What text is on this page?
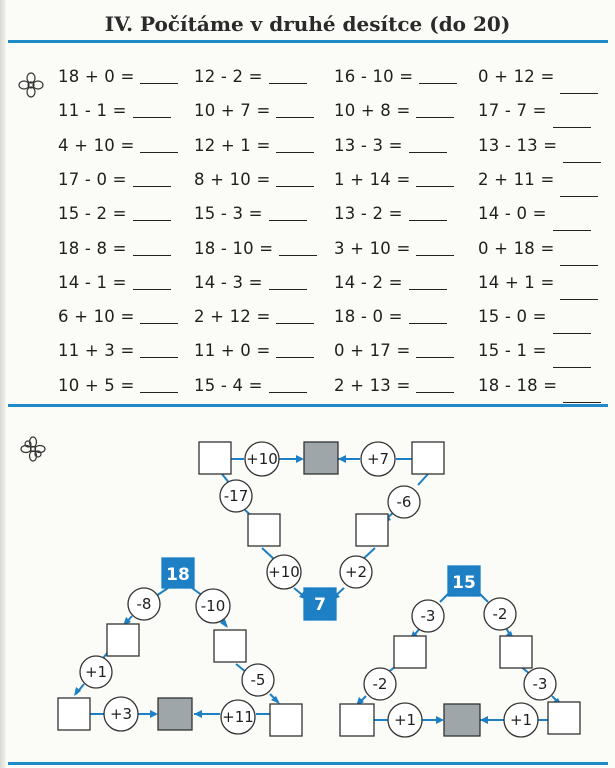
IV. Počítáme v druhé desítce (do 20)
18 + 0 =	12 - 2 =	16 - 10 =	0 + 12 =
11 - 1 =	10 + 7 =	10 + 8 =	17 - 7 =
4 + 10 =	12 + 1 =	13 - 3 =	13 - 13 =
17 - 0 =	8 + 10 =	1 + 14 =	2 + 11 =
15 - 2 =	15 - 3 =	13 - 2 =	14 - 0 =
18 - 8 =	18 - 10 =	3 + 10 =	0 + 18 =
14 - 1 =	14 - 3 =	14 - 2 =	14 + 1 =
6 + 10 =	2 + 12 =	18 - 0 =	15 - 0 =
11 + 3 =	11 + 0 =	0 + 17 =	15 - 1 =
10 + 5 =	15 - 4 =	2 + 13 =	18 - 18 =
7
+10	+7
-17	-6
+10	+2
18
-8	-10
+1	-5
+3	+11
15
-3	-2
-2	-3
+1	+1
